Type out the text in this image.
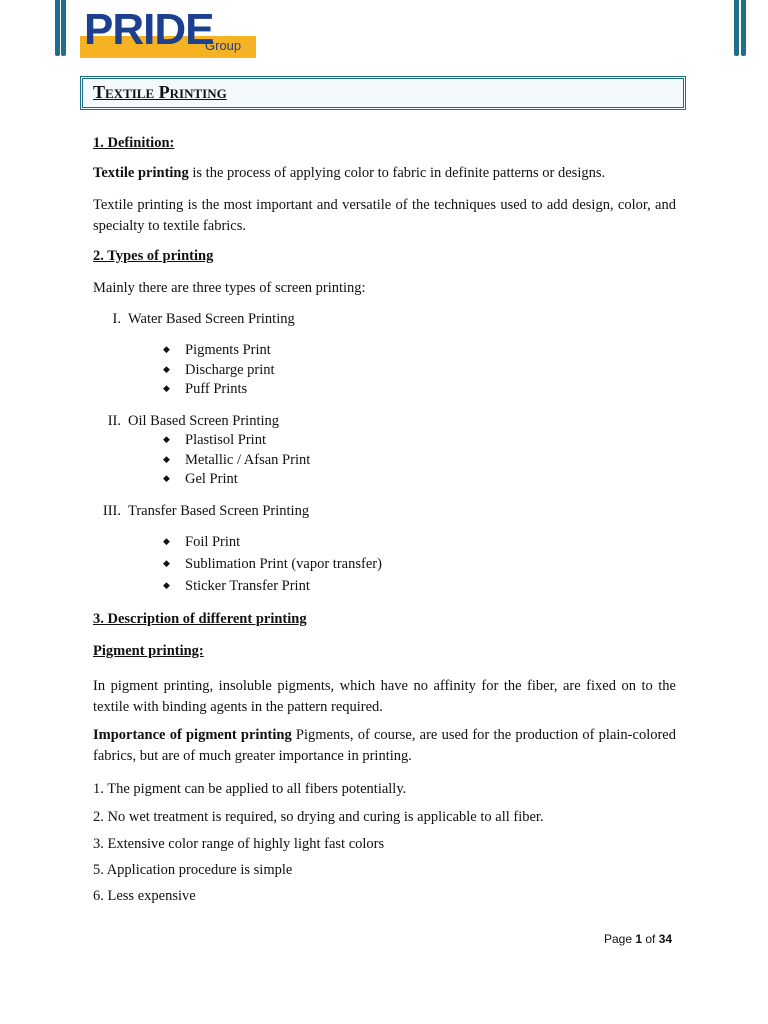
PRIDE
Group
Textile Printing
1. Definition:
Textile printing is the process of applying color to fabric in definite patterns or designs.
Textile printing is the most important and versatile of the techniques used to add design, color, and specialty to textile fabrics.
2. Types of printing
Mainly there are three types of screen printing:
I. Water Based Screen Printing
◆ Pigments Print
◆ Discharge print
◆ Puff Prints
II. Oil Based Screen Printing
◆ Plastisol Print
◆ Metallic / Afsan Print
◆ Gel Print
III. Transfer Based Screen Printing
◆ Foil Print
◆ Sublimation Print (vapor transfer)
◆ Sticker Transfer Print
3. Description of different printing
Pigment printing:
In pigment printing, insoluble pigments, which have no affinity for the fiber, are fixed on to the textile with binding agents in the pattern required.
Importance of pigment printing Pigments, of course, are used for the production of plain-colored fabrics, but are of much greater importance in printing.
1. The pigment can be applied to all fibers potentially.
2. No wet treatment is required, so drying and curing is applicable to all fiber.
3. Extensive color range of highly light fast colors
5. Application procedure is simple
6. Less expensive
Page 1 of 34
